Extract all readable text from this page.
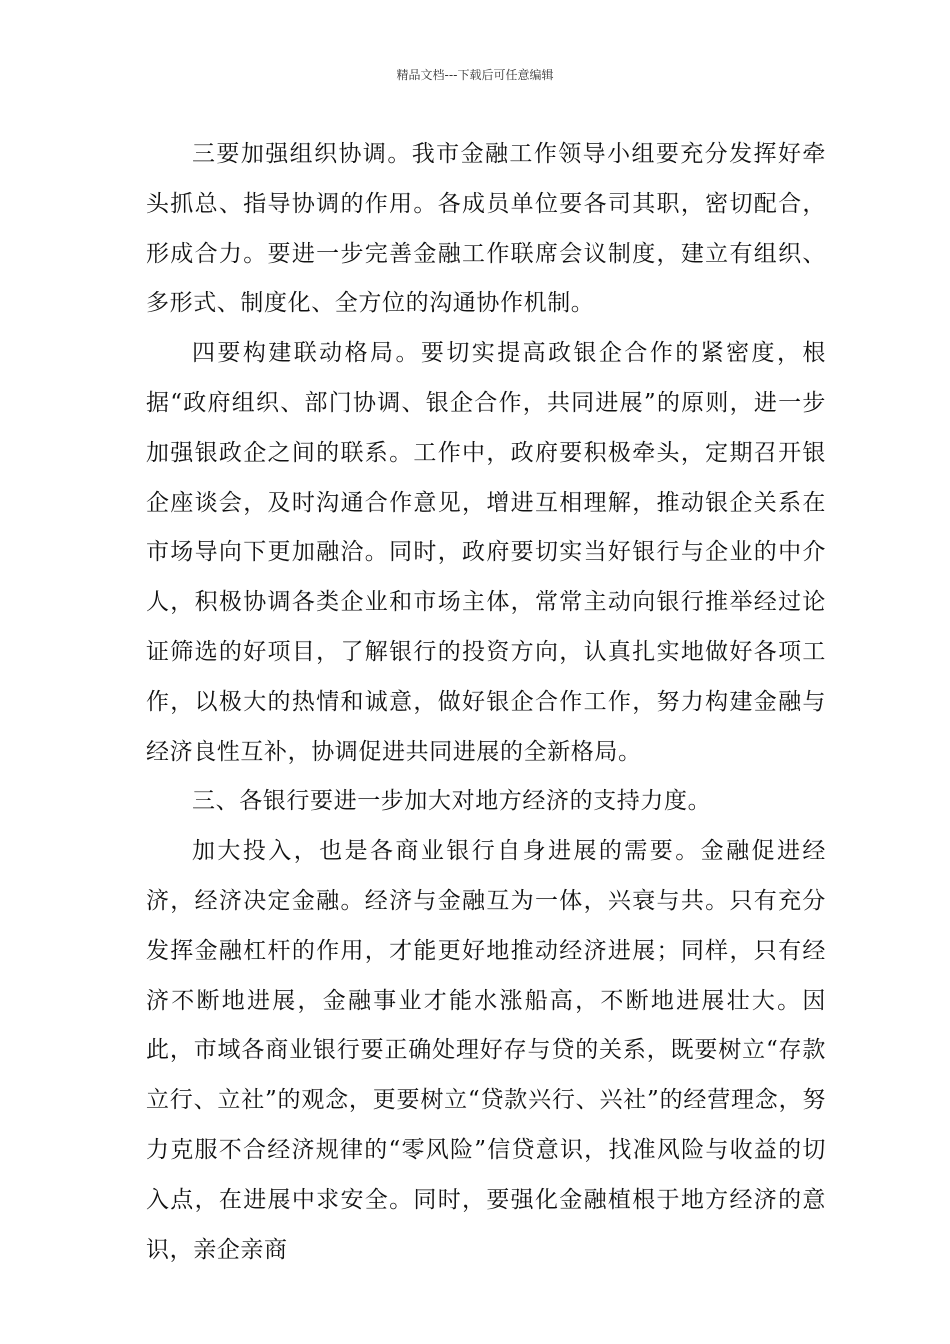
精品文档---下载后可任意编辑

三要加强组织协调。我市金融工作领导小组要充分发挥好牵头抓总、指导协调的作用。各成员单位要各司其职，密切配合，形成合力。要进一步完善金融工作联席会议制度，建立有组织、多形式、制度化、全方位的沟通协作机制。

四要构建联动格局。要切实提高政银企合作的紧密度，根据“政府组织、部门协调、银企合作，共同进展”的原则，进一步加强银政企之间的联系。工作中，政府要积极牵头，定期召开银企座谈会，及时沟通合作意见，增进互相理解，推动银企关系在市场导向下更加融洽。同时，政府要切实当好银行与企业的中介人，积极协调各类企业和市场主体，常常主动向银行推举经过论证筛选的好项目，了解银行的投资方向，认真扎实地做好各项工作，以极大的热情和诚意，做好银企合作工作，努力构建金融与经济良性互补，协调促进共同进展的全新格局。

三、各银行要进一步加大对地方经济的支持力度。

加大投入，也是各商业银行自身进展的需要。金融促进经济，经济决定金融。经济与金融互为一体，兴衰与共。只有充分发挥金融杠杆的作用，才能更好地推动经济进展；同样，只有经济不断地进展，金融事业才能水涨船高，不断地进展壮大。因此，市域各商业银行要正确处理好存与贷的关系，既要树立“存款立行、立社”的观念，更要树立“贷款兴行、兴社”的经营理念，努力克服不合经济规律的“零风险”信贷意识，找准风险与收益的切入点，在进展中求安全。同时，要强化金融植根于地方经济的意识，亲企亲商
